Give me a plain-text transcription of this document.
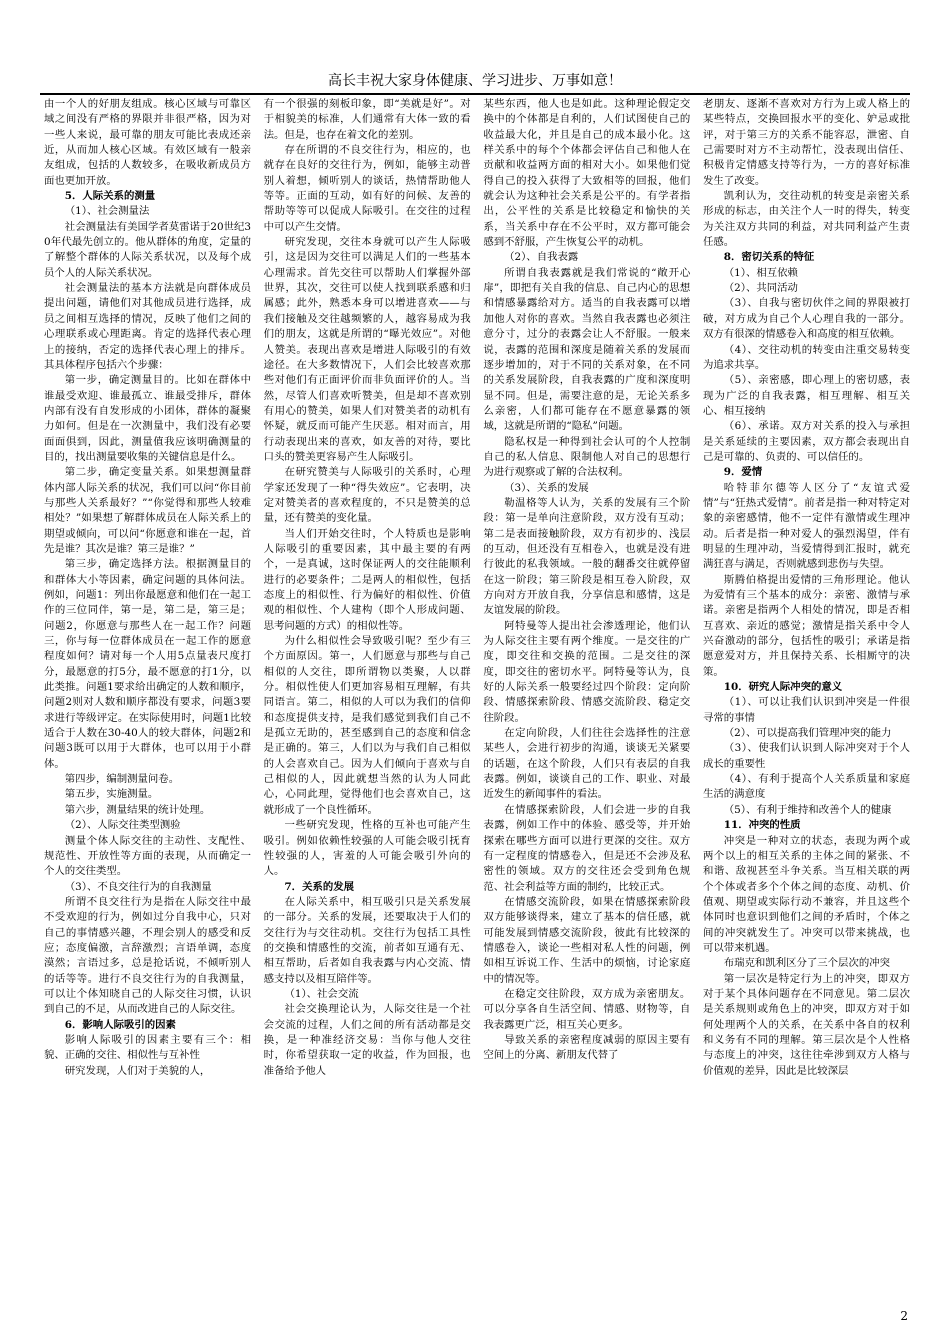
高长丰祝大家身体健康、学习进步、万事如意！

由一个人的好朋友组成。核心区域与可靠区域之间没有严格的界限并非很严格，因为对一些人来说，最可靠的朋友可能比表成还亲近，从而加人核心区域。有效区域有一般亲友组成，包括的人数较多，在吸收新成员方面也更加开放。

5．人际关系的测量

（1）、社会测量法

社会测量法有美国学者莫雷诺于20世纪30年代最先创立的。他从群体的角度，定量的了解整个群体的人际关系状况，以及每个成员个人的人际关系状况。

社会测量法的基本方法就是向群体成员提出问题，请他们对其他成员进行选择，成员之间相互选择的情况，反映了他们之间的心理联系或心理距离。肯定的选择代表心理上的接纳，否定的选择代表心理上的排斥。其具体程序包括六个步骤：

第一步，确定测量目的。比如在群体中谁最受欢迎、谁最孤立、谁最受排斥，群体内部有没有自发形成的小团体，群体的凝聚力如何。但是在一次测量中，我们没有必要面面俱到，因此，测量值我应该明确测量的目的，找出测量要收集的关键信息是什么。

第二步，确定变量关系。如果想测量群体内部人际关系的状况，我们可以问“你目前与那些人关系最好？”“你觉得和那些人较难相处？”如果想了解群体成员在人际关系上的期望或倾向，可以问“你愿意和谁在一起，首先是谁？其次是谁？第三是谁？”

第三步，确定选择方法。根据测量目的和群体大小等因素，确定问题的具体问法。例如，问题1：列出你最愿意和他们在一起工作的三位同伴，第一是，第二是，第三是；问题2，你愿意与那些人在一起工作？问题三，你与每一位群体成员在一起工作的愿意程度如何？请对每一个人用5点量表尺度打分，最愿意的打5分，最不愿意的打1分，以此类推。问题1要求给出确定的人数和顺序，问题2则对人数和顺序都没有要求，问题3要求进行等级评定。在实际使用时，问题1比较适合于人数在30-40人的较大群体，问题2和问题3既可以用于大群体，也可以用于小群体。

第四步，编制测量问卷。

第五步，实施测量。

第六步，测量结果的统计处理。

（2）、人际交往类型测验

测量个体人际交往的主动性、支配性、规范性、开放性等方面的表现，从而确定一个人的交往类型。

（3）、不良交往行为的自我测量

所谓不良交往行为是指在人际交往中最不受欢迎的行为，例如过分自我中心，只对自己的事情感兴趣，不理会别人的感受和反应；态度偏激，言辞激烈；言语单调，态度漠然；言语过多，总是抢话说，不倾听别人的话等等。进行不良交往行为的自我测量，可以让个体知晓自己的人际交往习惯，认识到自己的不足，从而改进自己的人际交往。

6．影响人际吸引的因素

影响人际吸引的因素主要有三个：相貌、正确的交往、相似性与互补性

研究发现，人们对于美貌的人，

有一个很强的刻板印象，即“美就是好”。对于相貌美的标准，人们通常有大体一致的看法。但是，也存在着文化的差别。

存在所谓的不良交往行为，相应的，也就存在良好的交往行为，例如，能够主动普别人着想，倾听别人的谈话，热情帮助他人等等。正面的互动，如有好的问候、友善的帮助等等可以促成人际吸引。在交往的过程中可以产生交情。

研究发现，交往本身就可以产生人际吸引，这是因为交往可以满足人们的一些基本心理需求。首先交往可以帮助人们掌握外部世界，其次，交往可以使人找到联系感和归属感；此外，熟悉本身可以增进喜欢——与我们接触及交往越频繁的人，越容易成为我们的朋友，这就是所谓的“曝光效应”。对他人赞美。表现出喜欢是增进人际吸引的有效途径。在大多数情况下，人们会比较喜欢那些对他们有正面评价而非负面评价的人。当然，尽管人们喜欢听赞美，但是却不喜欢别有用心的赞美，如果人们对赞美者的动机有怀疑，就反而可能产生厌恶。相对而言，用行动表现出来的喜欢，如友善的对待，要比口头的赞美更容易产生人际吸引。

在研究赞美与人际吸引的关系时，心理学家还发现了一种“得失效应”。它表明，决定对赞美者的喜欢程度的，不只是赞美的总量，还有赞美的变化量。

当人们开始交往时，个人特质也是影响人际吸引的重要因素，其中最主要的有两个，一是真诚，这时保证两人的交往能顺利进行的必要条件；二是两人的相似性，包括态度上的相似性、行为偏好的相似性、价值观的相似性、个人建构（即个人形成问题、思考问题的方式）的相似性等。

为什么相似性会导致吸引呢？至少有三个方面原因。第一，人们愿意与那些与自己相似的人交往，即所谓物以类聚，人以群分。相似性使人们更加容易相互理解，有共同语言。第二，相似的人可以为我们的信仰和态度提供支持，是我们感觉到我们自己不是孤立无助的，甚至感到自己的态度和信念是正确的。第三，人们以为与我们自己相似的人会喜欢自己。因为人们倾向于喜欢与自己相似的人，因此就想当然的认为人同此心，心同此理，觉得他们也会喜欢自己，这就形成了一个良性循环。

一些研究发现，性格的互补也可能产生吸引。例如依赖性较强的人可能会吸引抚育性较强的人，害羞的人可能会吸引外向的人。

7．关系的发展

在人际关系中，相互吸引只是关系发展的一部分。关系的发展，还要取决于人们的交往行为与交往动机。交往行为包括工具性的交换和情感性的交流，前者如互通有无、相互帮助，后者如自我表露与内心交流、情感支持以及相互陪伴等。

（1）、社会交流

社会交换理论认为，人际交往是一个社会交流的过程，人们之间的所有活动都是交换，是一种准经济交易：当你与他人交往时，你希望获取一定的收益，作为回报，也准备给予他人

某些东西，他人也是如此。这种理论假定交换中的个体都是自利的，人们试图使自己的收益最大化，并且是自己的成本最小化。这样关系中的每个个体都会评估自己和他人在贡献和收益两方面的相对大小。如果他们觉得自己的投入获得了大致相等的回报，他们就会认为这种社会关系是公平的。有学者指出，公平性的关系是比较稳定和愉快的关系，当关系中存在不公平时，双方都可能会感到不舒服，产生恢复公平的动机。

（2）、自我表露

所谓自我表露就是我们常说的“敞开心扉”，即把有关自我的信息、自己内心的思想和情感暴露给对方。适当的自我表露可以增加他人对你的喜欢。当然自我表露也必须注意分寸，过分的表露会让人不舒服。一般来说，表露的范围和深度是随着关系的发展而逐步增加的，对于不同的关系对象，在不同的关系发展阶段，自我表露的广度和深度明显不同。但是，需要注意的是，无论关系多么亲密，人们都可能存在不愿意暴露的领域，这就是所谓的“隐私”问题。

隐私权是一种得到社会认可的个人控制自己的私人信息、限制他人对自己的思想行为进行观察或了解的合法权利。

（3）、关系的发展

勒温格等人认为，关系的发展有三个阶段：第一是单向注意阶段，双方没有互动；第二是表面接触阶段，双方有初步的、浅层的互动，但还没有互相卷入，也就是没有进行彼此的私我领域。一般的翻番交往就停留在这一阶段；第三阶段是相互卷入阶段，双方向对方开放自我，分享信息和感情，这是友谊发展的阶段。

阿特曼等人提出社会渗透理论，他们认为人际交往主要有两个维度。一是交往的广度，即交往和交换的范围。二是交往的深度，即交往的密切水平。阿特曼等认为，良好的人际关系一般要经过四个阶段：定向阶段、情感探索阶段、情感交流阶段、稳定交往阶段。

在定向阶段，人们往往会选择性的注意某些人，会进行初步的沟通，谈谈无关紧要的话题，在这个阶段，人们只有表层的自我表露。例如，谈谈自己的工作、职业、对最近发生的新闻事件的看法。

在情感探索阶段，人们会进一步的自我表露，例如工作中的体验、感受等，并开始探索在哪些方面可以进行更深的交往。双方有一定程度的情感卷入，但是还不会涉及私密性的领域。双方的交往还会受到角色规范、社会利益等方面的制约，比较正式。

在情感交流阶段，如果在情感探索阶段双方能够谈得来，建立了基本的信任感，就可能发展到情感交流阶段，彼此有比较深的情感卷入，谈论一些相对私人性的问题，例如相互诉说工作、生活中的烦恼，讨论家庭中的情况等。

在稳定交往阶段，双方成为亲密朋友。可以分享各自生活空间、情感、财物等，自我表露更广泛，相互关心更多。

导致关系的亲密程度减弱的原因主要有空间上的分离、新朋友代替了

老朋友、逐渐不喜欢对方行为上或人格上的某些特点，交换回报水平的变化、妒忌或批评，对于第三方的关系不能容忍，泄密、自己需要时对方不主动帮忙，没表现出信任、积极肯定情感支持等行为，一方的喜好标准发生了改变。

凯利认为，交往动机的转变是亲密关系形成的标志，由关注个人一时的得失，转变为关注双方共同的利益，对共同利益产生责任感。

8．密切关系的特征

（1）、相互依赖

（2）、共同活动

（3）、自我与密切伙伴之间的界限被打破，对方成为自己个人心理自我的一部分。双方有很深的情感卷入和高度的相互依赖。

（4）、交往动机的转变由注重交易转变为追求共享。

（5）、亲密感，即心理上的密切感，表现为广泛的自我表露，相互理解、相互关心、相互接纳

（6）、承诺。双方对关系的投入与承担是关系延续的主要因素，双方都会表现出自己是可靠的、负责的、可以信任的。

9．爱情

哈特菲尔德等人区分了“友谊式爱情”与“狂热式爱情”。前者是指一种对特定对象的亲密感情，他不一定伴有激情或生理冲动。后者是指一种对爱人的强烈渴望，伴有明显的生理冲动，当爱情得到汇报时，就充满狂喜与满足，否则就感到悲伤与失望。

斯腾伯格提出爱情的三角形理论。他认为爱情有三个基本的成分：亲密、激情与承诺。亲密是指两个人相处的情况，即是否相互喜欢、亲近的感觉；激情是指关系中令人兴奋激动的部分，包括性的吸引；承诺是指愿意爱对方，并且保持关系、长相厮守的决策。

10．研究人际冲突的意义

（1）、可以让我们认识到冲突是一件很寻常的事情

（2）、可以提高我们管理冲突的能力

（3）、使我们认识到人际冲突对于个人成长的重要性

（4）、有利于提高个人关系质量和家庭生活的满意度

（5）、有利于维持和改善个人的健康

11．冲突的性质

冲突是一种对立的状态，表现为两个或两个以上的相互关系的主体之间的紧张、不和谐、敌视甚至斗争关系。当互相关联的两个个体或者多个个体之间的态度、动机、价值观、期望或实际行动不兼容，并且这些个体同时也意识到他们之间的矛盾时，个体之间的冲突就发生了。冲突可以带来挑战，也可以带来机遇。

布瑞克和凯利区分了三个层次的冲突

第一层次是特定行为上的冲突，即双方对于某个具体问题存在不同意见。第二层次是关系规则或角色上的冲突，即双方对于如何处理两个人的关系，在关系中各自的权利和义务有不同的理解。第三层次是个人性格与态度上的冲突，这往往牵涉到双方人格与价值观的差异，因此是比较深层

2
